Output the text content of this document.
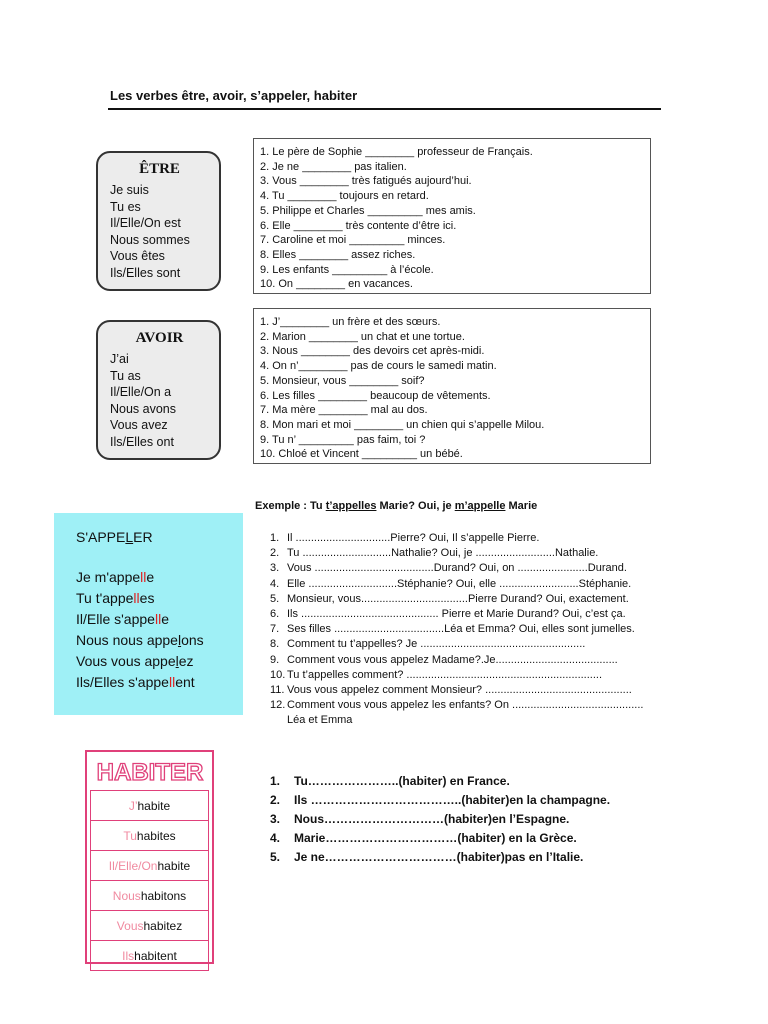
Les verbes être, avoir, s’appeler, habiter
ÊTRE
Je suis
Tu es
Il/Elle/On est
Nous sommes
Vous êtes
Ils/Elles sont
1. Le père de Sophie ________ professeur de Français.
2. Je ne ________ pas italien.
3. Vous ________ très fatigués aujourd’hui.
4. Tu ________ toujours en retard.
5. Philippe et Charles _________ mes amis.
6. Elle ________ très contente d’être ici.
7. Caroline et moi _________ minces.
8. Elles ________ assez riches.
9. Les enfants _________ à l’école.
10. On ________ en vacances.
AVOIR
J’ai
Tu as
Il/Elle/On a
Nous avons
Vous avez
Ils/Elles ont
1. J’________ un frère et des sœurs.
2. Marion ________ un chat et une tortue.
3. Nous ________ des devoirs cet après-midi.
4. On n’________ pas de cours le samedi matin.
5. Monsieur, vous ________ soif?
6. Les filles ________ beaucoup de vêtements.
7. Ma mère ________ mal au dos.
8. Mon mari et moi ________ un chien qui s’appelle Milou.
9. Tu n’ _________ pas faim, toi ?
10. Chloé et Vincent _________ un bébé.
Exemple : Tu t’appelles Marie? Oui, je m’appelle Marie
S'APPELER
Je m'appelle
Tu t'appelles
Il/Elle s'appelle
Nous nous appelons
Vous vous appelez
Ils/Elles s'appellent
1. Il ...............................Pierre? Oui, Il s’appelle Pierre.
2. Tu .............................Nathalie? Oui, je ..........................Nathalie.
3. Vous .......................................Durand? Oui, on .......................Durand.
4. Elle .............................Stéphanie? Oui, elle ..........................Stéphanie.
5. Monsieur, vous...................................Pierre Durand? Oui, exactement.
6. Ils ............................................. Pierre et Marie Durand? Oui, c’est ça.
7. Ses filles ....................................Léa et Emma? Oui, elles sont jumelles.
8. Comment tu t’appelles? Je ......................................................
9. Comment vous vous appelez Madame?.Je........................................
10. Tu t’appelles comment? ................................................................
11. Vous vous appelez comment Monsieur? ................................................
12. Comment vous vous appelez les enfants? On ...........................................
Léa et Emma
HABITER
J’ habite
Tu habites
Il/Elle/On habite
Nous habitons
Vous habitez
Ils habitent
1. Tu…………………..(habiter) en France.
2. Ils ………………………………..(habiter)en la champagne.
3. Nous…………………………(habiter)en l’Espagne.
4. Marie……………………………(habiter) en la Grèce.
5. Je ne……………………………(habiter)pas en l’Italie.
